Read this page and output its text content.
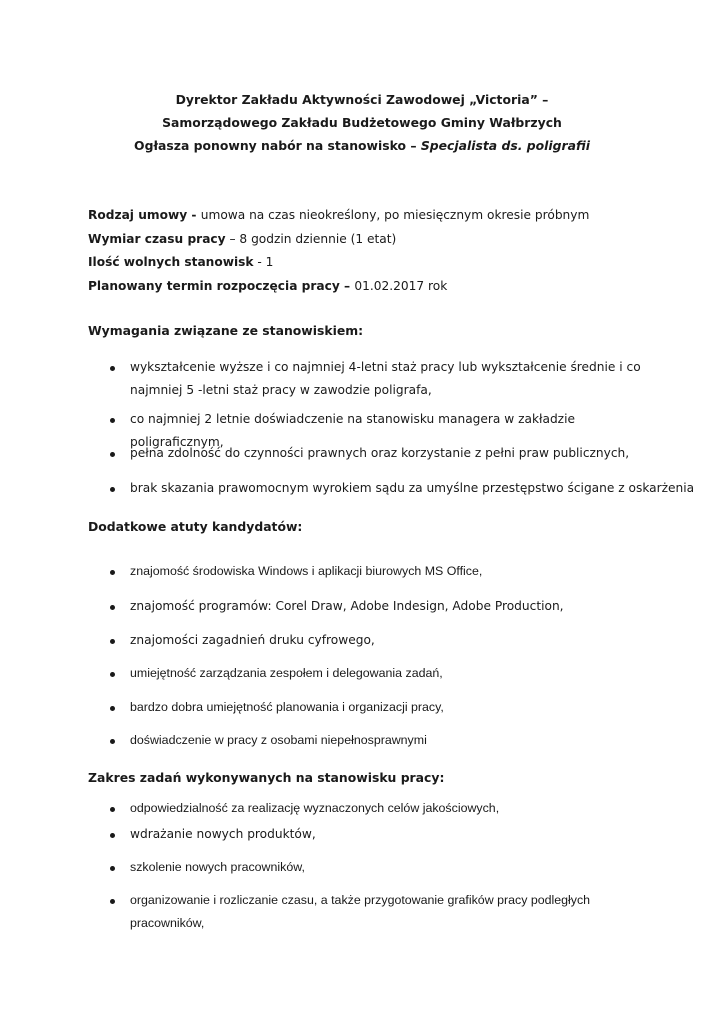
Dyrektor Zakładu Aktywności Zawodowej „Victoria” –
Samorządowego Zakładu Budżetowego Gminy Wałbrzych
Ogłasza ponowny nabór na stanowisko – Specjalista ds. poligrafii
Rodzaj umowy - umowa na czas nieokreślony, po miesięcznym okresie próbnym
Wymiar czasu pracy – 8 godzin dziennie (1 etat)
Ilość wolnych stanowisk - 1
Planowany termin rozpoczęcia pracy – 01.02.2017 rok
Wymagania związane ze stanowiskiem:
wykształcenie wyższe i co najmniej 4-letni staż pracy lub wykształcenie średnie i co najmniej 5 -letni staż pracy w zawodzie poligrafa,
co najmniej 2 letnie doświadczenie na stanowisku managera w zakładzie poligraficznym,
pełna zdolność do czynności prawnych oraz korzystanie z pełni praw publicznych,
brak skazania prawomocnym wyrokiem sądu za umyślne przestępstwo ścigane z oskarżenia
Dodatkowe atuty kandydatów:
znajomość środowiska Windows i aplikacji biurowych MS Office,
znajomość programów: Corel Draw, Adobe Indesign, Adobe Production,
znajomości zagadnień druku cyfrowego,
umiejętność zarządzania zespołem i delegowania zadań,
bardzo dobra umiejętność planowania i organizacji pracy,
doświadczenie w pracy z osobami niepełnosprawnymi
Zakres zadań wykonywanych na stanowisku pracy:
odpowiedzialność za realizację wyznaczonych celów jakościowych,
wdrażanie nowych produktów,
szkolenie nowych pracowników,
organizowanie i rozliczanie czasu, a także przygotowanie grafików pracy podległych pracowników,
